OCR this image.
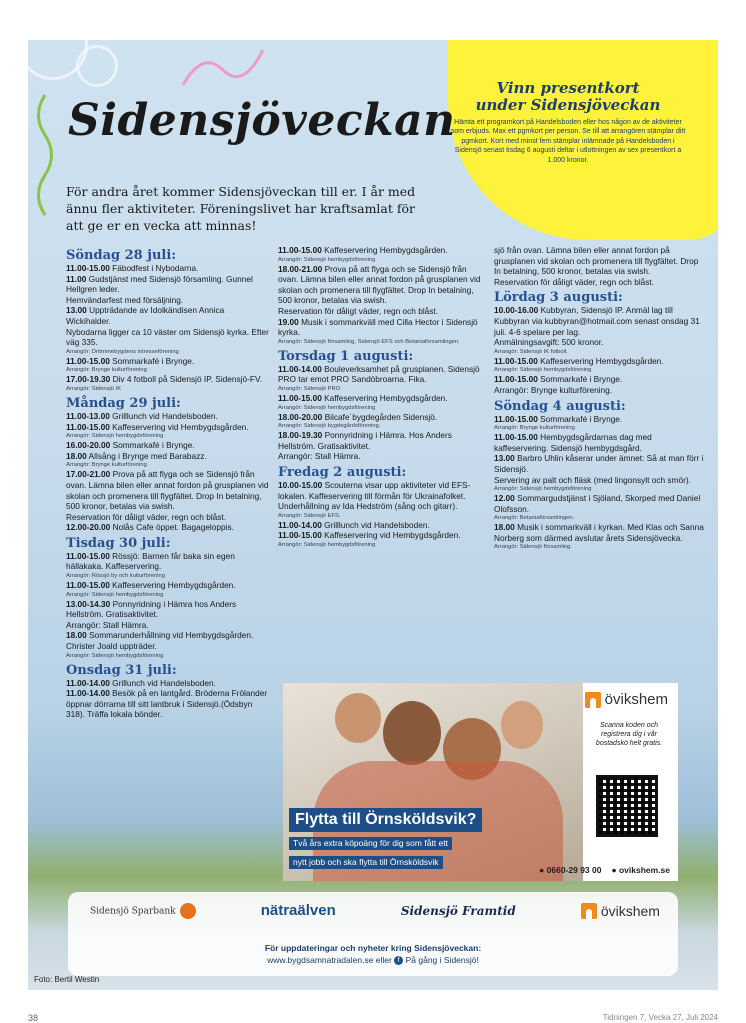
Vinn presentkort
under Sidensjöveckan

Hämta ett programkort på Handelsboden eller hos någon av de aktiviteter som erbjuds. Max ett pgmkort per person. Se till att arrangören stämplar ditt pgmkort. Kort med minst fem stämplar inlämnade på Handelsboden i Sidensjö senast tisdag 6 augusti deltar i utlottningen av sex presentkort a 1.000 kronor.

Sidensjöveckan
För andra året kommer Sidensjöveckan till er. I år med ännu fler aktiviteter. Föreningslivet har kraftsamlat för att ge er en vecka att minnas!
Söndag 28 juli:
11.00-15.00 Fäbodfest i Nybodarna.
11.00 Gudstjänst med Sidensjö församling. Gunnel Hellgren leder.
Hemvändarfest med försäljning.
13.00 Uppträdande av Idolkändisen Annica Wickihalder.
Nybodarna ligger ca 10 väster om Sidensjö kyrka. Efter väg 335.
Arrangör: Drömmebygdens intresseförening
11.00-15.00 Sommarkafé i Brynge.
Arrangör: Brynge kulturförening
17.00-19.30 Div 4 fotboll på Sidensjö IP. Sidensjö-FV.
Arrangör: Sidensjö IK
Måndag 29 juli:
11.00-13.00 Grilllunch vid Handelsboden.
11.00-15.00 Kaffeservering vid Hembygdsgården.
Arrangör: Sidensjö hembygdsförening
16.00-20.00 Sommarkafé i Brynge.
18.00 Allsång i Brynge med Barabazz.
Arrangör: Brynge kulturförening
17.00-21.00 Prova på att flyga och se Sidensjö från ovan. Lämna bilen eller annat fordon på grusplanen vid skolan och promenera till flygfältet. Drop In betalning, 500 kronor, betalas via swish.
Reservation för dåligt väder, regn och blåst.
12.00-20.00 Nolås Cafe öppet. Bagageloppis.
Tisdag 30 juli:
11.00-15.00 Rössjö: Barnen får baka sin egen hällakaka. Kaffeservering.
Arrangör: Rössjö by och kulturförening
11.00-15.00 Kaffeservering Hembygdsgården.
Arrangör: Sidensjö hembygdsförening
13.00-14.30 Ponnyridning i Hämra hos Anders Hellström. Gratisaktivitet.
Arrangör: Stall Hämra.
18.00 Sommarunderhållning vid Hembygdsgården. Christer Joald uppträder.
Arrangör: Sidensjö hembygdsförening
Onsdag 31 juli:
11.00-14.00 Grillunch vid Handelsboden.
11.00-14.00 Besök på en lantgård. Bröderna Frölander öppnar dörrarna till sitt lantbruk i Sidensjö.(Ödsbyn 318). Träffa lokala bönder.
11.00-15.00 Kaffeservering Hembygdsgården.
Arrangör: Sidensjö hembygdsförening
18.00-21.00 Prova på att flyga och se Sidensjö från ovan. Lämna bilen eller annat fordon på grusplanen vid skolan och promenera till flygfältet. Drop In betalning, 500 kronor, betalas via swish.
Reservation för dåligt väder, regn och blåst.
19.00 Musik i sommarkväll med Cilla Hector i Sidensjö kyrka.
Arrangör: Sidensjö församling, Sidensjö EFS och Betaniaförsamlingen.
Torsdag 1 augusti:
11.00-14.00 Bouleverksamhet på grusplanen. Sidensjö PRO tar emot PRO Sandöbroarna. Fika.
Arrangör: Sidensjö PRO.
11.00-15.00 Kaffeservering Hembygdsgården.
Arrangör: Sidensjö hembygdsförening
18.00-20.00 Bilcafe´bygdegården Sidensjö.
Arrangör: Sidensjö bygdegårdsförening.
18.00-19.30 Ponnyridning i Hämra. Hos Anders Hellström. Gratisaktivitet.
Arrangör: Stall Hämra.
Fredag 2 augusti:
10.00-15.00 Scouterna visar upp aktiviteter vid EFS-lokalen. Kaffeservering till förmån för Ukrainafolket. Underhållning av Ida Hedström (sång och gitarr).
Arrangör: Sidensjö EFS.
11.00-14.00 Grilllunch vid Handelsboden.
11.00-15.00 Kaffeservering vid Hembygdsgården.
Arrangör: Sidensjö hembygdsförening
sjö från ovan. Lämna bilen eller annat fordon på grusplanen vid skolan och promenera till flygfältet. Drop In betalning, 500 kronor, betalas via swish.
Reservation för dåligt väder, regn och blåst.
Lördag 3 augusti:
10.00-16.00 Kubbyran, Sidensjö IP. Anmäl lag till Kubbyran via kubbyran@hotmail.com senast onsdag 31 juli. 4-6 spelare per lag.
Anmälningsavgift: 500 kronor.
Arrangör: Sidensjö IK fotboll.
11.00-15.00 Kaffeservering Hembygdsgården.
Arrangör: Sidensjö hembygdsförening
11.00-15.00 Sommarkafé i Brynge.
Arrangör: Brynge kulturförening.
Söndag 4 augusti:
11.00-15.00 Sommarkafé i Brynge.
Arrangör: Brynge kulturförening
11.00-15.00 Hembygdsgårdarnas dag med kaffeservering. Sidensjö hembygdsgård.
13.00 Barbro Uhlin kåserar under ämnet: Så at man förr i Sidensjö.
Servering av palt och fläsk (med lingonsylt och smör).
Arrangör: Sidensjö hembygdsförening
12.00 Sommargudstjänst i Sjöland, Skorped med Daniel Olofsson.
Arrangör: Betaniaförsamlingen.
18.00 Musik i sommarkväll i kyrkan. Med Klas och Sanna Norberg som därmed avslutar årets Sidensjövecka.
Arrangör: Sidensjö församling.
övikshem
Scanna koden och registrera dig i vår bostadskö helt gratis.
Flytta till Örnsköldsvik?
Två års extra köpoäng för dig som fått ett
nytt jobb och ska flytta till Örnsköldsvik
● 0660-29 93 00 ● ovikshem.se
Sidensjö Sparbank	nätraälven	Sidensjö Framtid	övikshem
För uppdateringar och nyheter kring Sidensjöveckan:
www.bygdsamnatradalen.se eller f På gång i Sidensjö!
Foto: Bertil Westin
38	Tidningen 7, Vecka 27, Juli 2024
